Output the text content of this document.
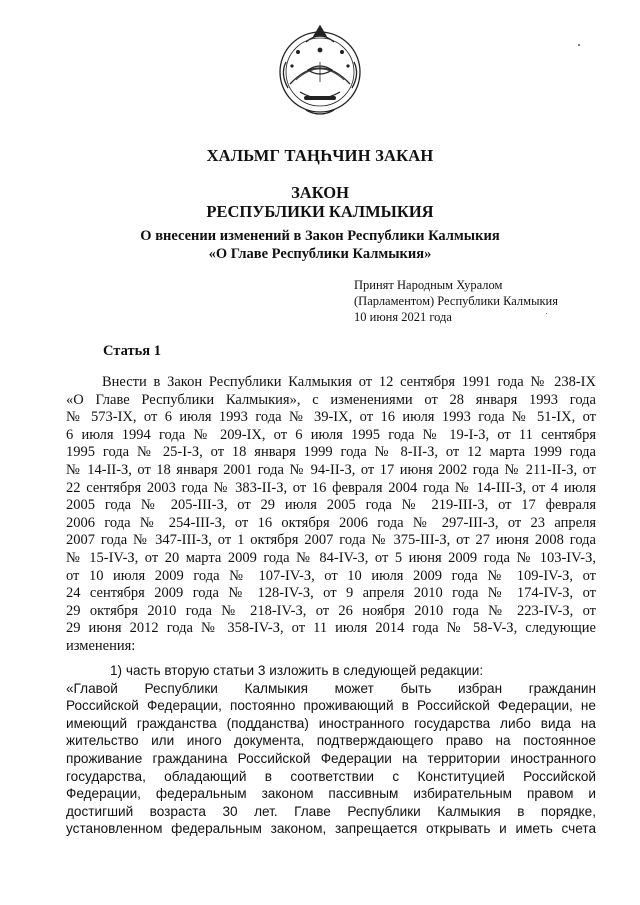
ХАЛЬМГ ТАҢҺЧИН ЗАКАН
ЗАКОН
РЕСПУБЛИКИ КАЛМЫКИЯ
О внесении изменений в Закон Республики Калмыкия
«О Главе Республики Калмыкия»
Принят Народным Хуралом
(Парламентом) Республики Калмыкия
10 июня 2021 года
Статья 1
Внести в Закон Республики Калмыкия от 12 сентября 1991 года № 238-IX
«О Главе Республики Калмыкия», с изменениями от 28 января 1993 года
№ 573-IX, от 6 июля 1993 года № 39-IX, от 16 июля 1993 года № 51-IX, от
6 июля 1994 года № 209-IX, от 6 июля 1995 года № 19-I-З, от 11 сентября
1995 года № 25-I-З, от 18 января 1999 года № 8-II-З, от 12 марта 1999 года
№ 14-II-З, от 18 января 2001 года № 94-II-З, от 17 июня 2002 года № 211-II-З, от
22 сентября 2003 года № 383-II-З, от 16 февраля 2004 года № 14-III-З, от 4 июля
2005 года № 205-III-З, от 29 июля 2005 года № 219-III-З, от 17 февраля
2006 года № 254-III-З, от 16 октября 2006 года № 297-III-З, от 23 апреля
2007 года № 347-III-З, от 1 октября 2007 года № 375-III-З, от 27 июня 2008 года
№ 15-IV-З, от 20 марта 2009 года № 84-IV-З, от 5 июня 2009 года № 103-IV-З,
от 10 июля 2009 года № 107-IV-З, от 10 июля 2009 года № 109-IV-З, от
24 сентября 2009 года № 128-IV-З, от 9 апреля 2010 года № 174-IV-З, от
29 октября 2010 года № 218-IV-З, от 26 ноября 2010 года № 223-IV-З, от
29 июня 2012 года № 358-IV-З, от 11 июля 2014 года № 58-V-З, следующие
изменения:
1) часть вторую статьи 3 изложить в следующей редакции:
«Главой Республики Калмыкия может быть избран гражданин
Российской Федерации, постоянно проживающий в Российской Федерации, не
имеющий гражданства (подданства) иностранного государства либо вида на
жительство или иного документа, подтверждающего право на постоянное
проживание гражданина Российской Федерации на территории иностранного
государства, обладающий в соответствии с Конституцией Российской
Федерации, федеральным законом пассивным избирательным правом и
достигший возраста 30 лет. Главе Республики Калмыкия в порядке,
установленном федеральным законом, запрещается открывать и иметь счета
